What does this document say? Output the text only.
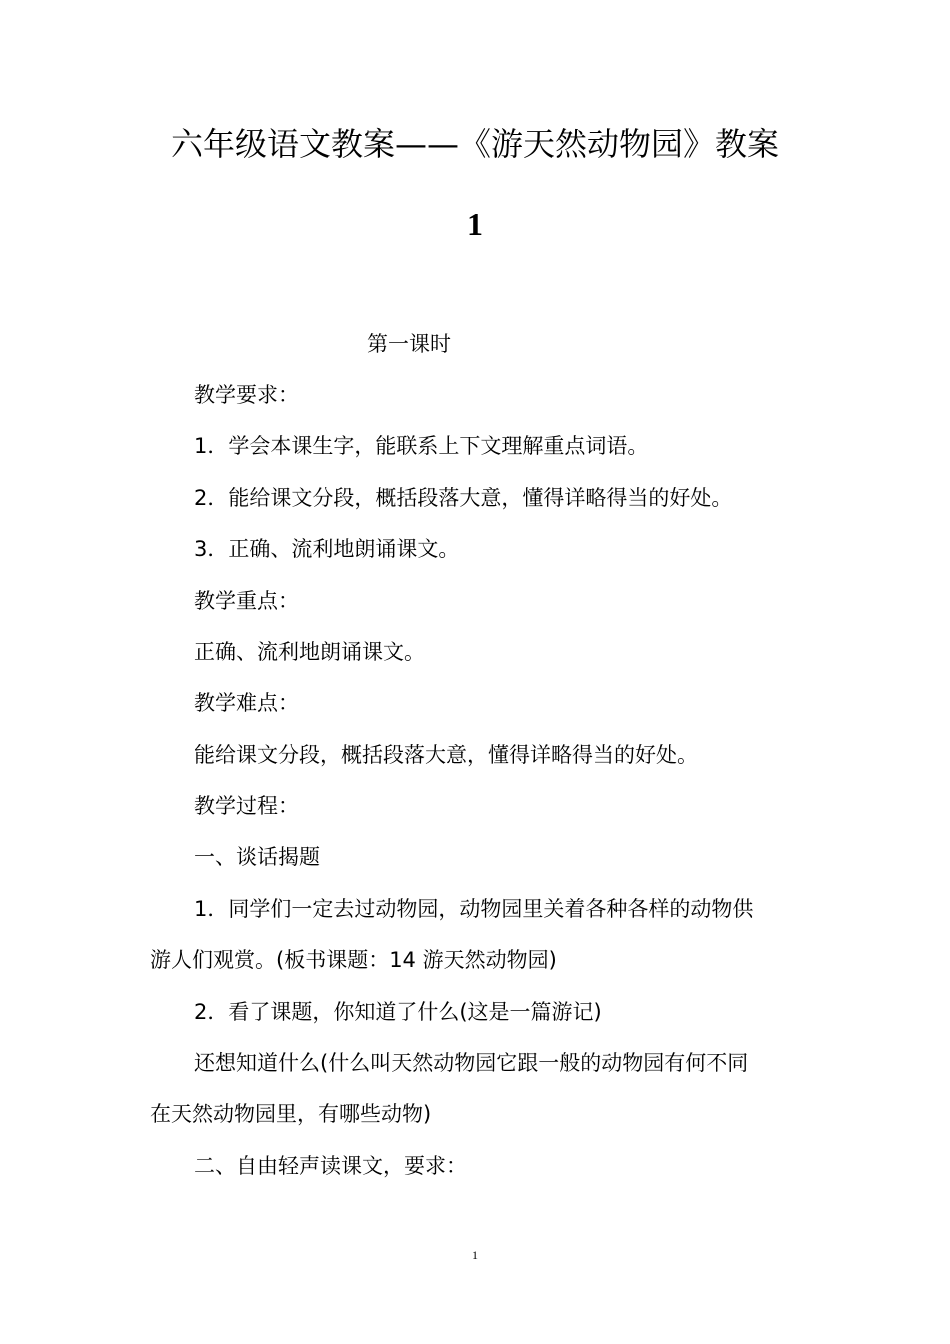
六年级语文教案——《游天然动物园》教案
1

第一课时

教学要求：

1．学会本课生字，能联系上下文理解重点词语。

2．能给课文分段，概括段落大意，懂得详略得当的好处。

3．正确、流利地朗诵课文。

教学重点：

正确、流利地朗诵课文。

教学难点：

能给课文分段，概括段落大意，懂得详略得当的好处。

教学过程：

一、谈话揭题

1．同学们一定去过动物园，动物园里关着各种各样的动物供

游人们观赏。(板书课题：14 游天然动物园)

2．看了课题，你知道了什么(这是一篇游记)

还想知道什么(什么叫天然动物园它跟一般的动物园有何不同

在天然动物园里，有哪些动物)

二、自由轻声读课文，要求：

1
